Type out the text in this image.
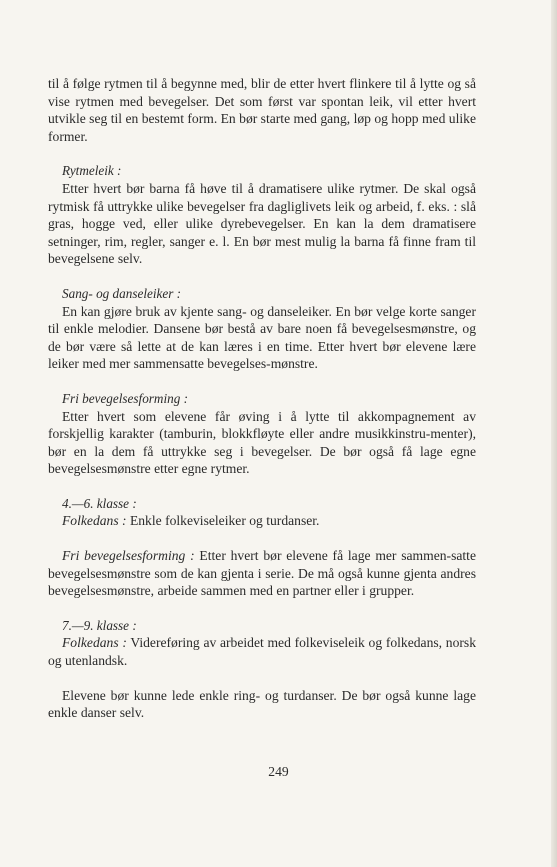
til å følge rytmen til å begynne med, blir de etter hvert flinkere til å lytte og så vise rytmen med bevegelser. Det som først var spontan leik, vil etter hvert utvikle seg til en bestemt form. En bør starte med gang, løp og hopp med ulike former.

Rytmeleik :

Etter hvert bør barna få høve til å dramatisere ulike rytmer. De skal også rytmisk få uttrykke ulike bevegelser fra dagliglivets leik og arbeid, f. eks. : slå gras, hogge ved, eller ulike dyrebevegelser. En kan la dem dramatisere setninger, rim, regler, sanger e. l. En bør mest mulig la barna få finne fram til bevegelsene selv.

Sang- og danseleiker :

En kan gjøre bruk av kjente sang- og danseleiker. En bør velge korte sanger til enkle melodier. Dansene bør bestå av bare noen få bevegelsesmønstre, og de bør være så lette at de kan læres i en time. Etter hvert bør elevene lære leiker med mer sammensatte bevegelses-mønstre.

Fri bevegelsesforming :

Etter hvert som elevene får øving i å lytte til akkompagnement av forskjellig karakter (tamburin, blokkfløyte eller andre musikkinstru-menter), bør en la dem få uttrykke seg i bevegelser. De bør også få lage egne bevegelsesmønstre etter egne rytmer.

4.—6. klasse :

Folkedans : Enkle folkeviseleiker og turdanser.

Fri bevegelsesforming : Etter hvert bør elevene få lage mer sammen-satte bevegelsesmønstre som de kan gjenta i serie. De må også kunne gjenta andres bevegelsesmønstre, arbeide sammen med en partner eller i grupper.

7.—9. klasse :

Folkedans : Videreføring av arbeidet med folkeviseleik og folkedans, norsk og utenlandsk.

Elevene bør kunne lede enkle ring- og turdanser. De bør også kunne lage enkle danser selv.

249
